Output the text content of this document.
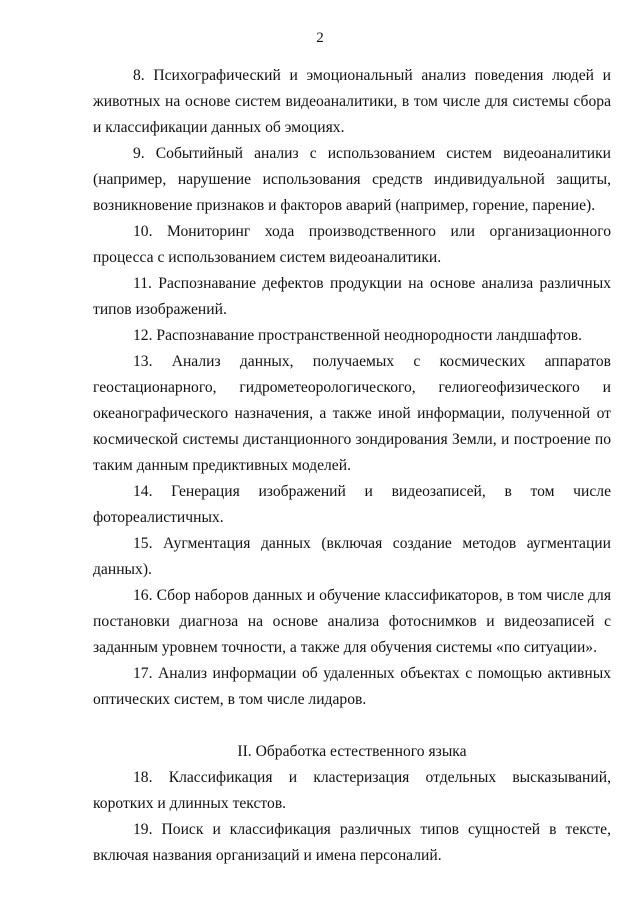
2

8. Психографический и эмоциональный анализ поведения людей и животных на основе систем видеоаналитики, в том числе для системы сбора и классификации данных об эмоциях.

9. Событийный анализ с использованием систем видеоаналитики (например, нарушение использования средств индивидуальной защиты, возникновение признаков и факторов аварий (например, горение, парение).

10. Мониторинг хода производственного или организационного процесса с использованием систем видеоаналитики.

11. Распознавание дефектов продукции на основе анализа различных типов изображений.

12. Распознавание пространственной неоднородности ландшафтов.

13. Анализ данных, получаемых с космических аппаратов геостационарного, гидрометеорологического, гелиогеофизического и океанографического назначения, а также иной информации, полученной от космической системы дистанционного зондирования Земли, и построение по таким данным предиктивных моделей.

14. Генерация изображений и видеозаписей, в том числе фотореалистичных.

15. Аугментация данных (включая создание методов аугментации данных).

16. Сбор наборов данных и обучение классификаторов, в том числе для постановки диагноза на основе анализа фотоснимков и видеозаписей с заданным уровнем точности, а также для обучения системы «по ситуации».

17. Анализ информации об удаленных объектах с помощью активных оптических систем, в том числе лидаров.

II. Обработка естественного языка

18. Классификация и кластеризация отдельных высказываний, коротких и длинных текстов.

19. Поиск и классификация различных типов сущностей в тексте, включая названия организаций и имена персоналий.
